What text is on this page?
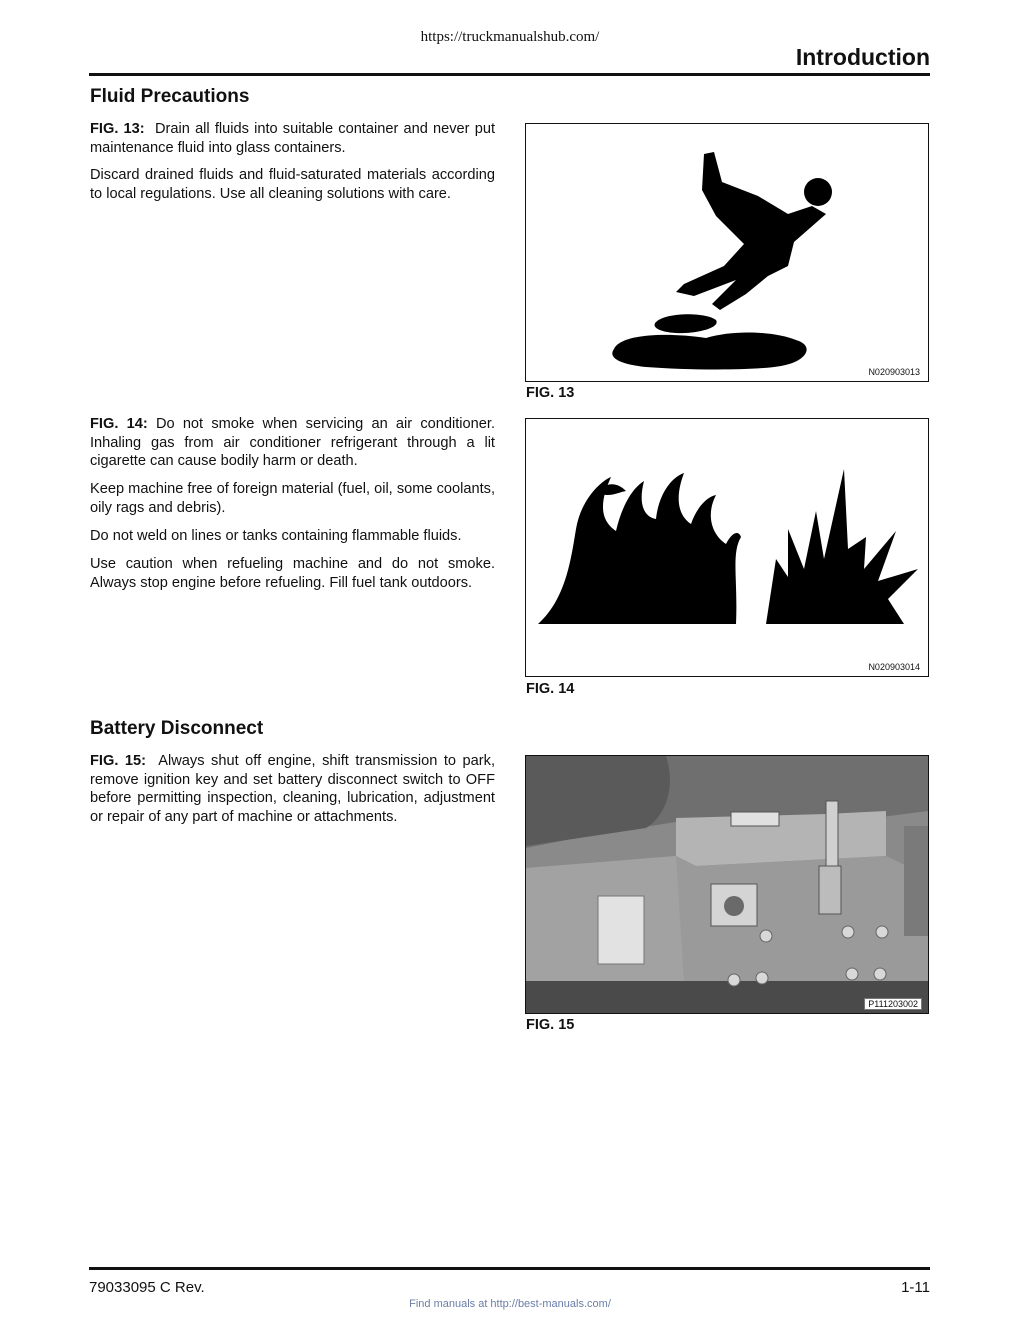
https://truckmanualshub.com/
Introduction
Fluid Precautions

FIG. 13: Drain all fluids into suitable container and never put maintenance fluid into glass containers.

Discard drained fluids and fluid-saturated materials according to local regulations. Use all cleaning solutions with care.

N020903013
FIG. 13

FIG. 14: Do not smoke when servicing an air conditioner. Inhaling gas from air conditioner refrigerant through a lit cigarette can cause bodily harm or death.

Keep machine free of foreign material (fuel, oil, some coolants, oily rags and debris).

Do not weld on lines or tanks containing flammable fluids.

Use caution when refueling machine and do not smoke. Always stop engine before refueling. Fill fuel tank outdoors.

N020903014
FIG. 14
Battery Disconnect

FIG. 15: Always shut off engine, shift transmission to park, remove ignition key and set battery disconnect switch to OFF before permitting inspection, cleaning, lubrication, adjustment or repair of any part of machine or attachments.

P111203002
FIG. 15
79033095 C Rev.	1-11
Find manuals at http://best-manuals.com/
